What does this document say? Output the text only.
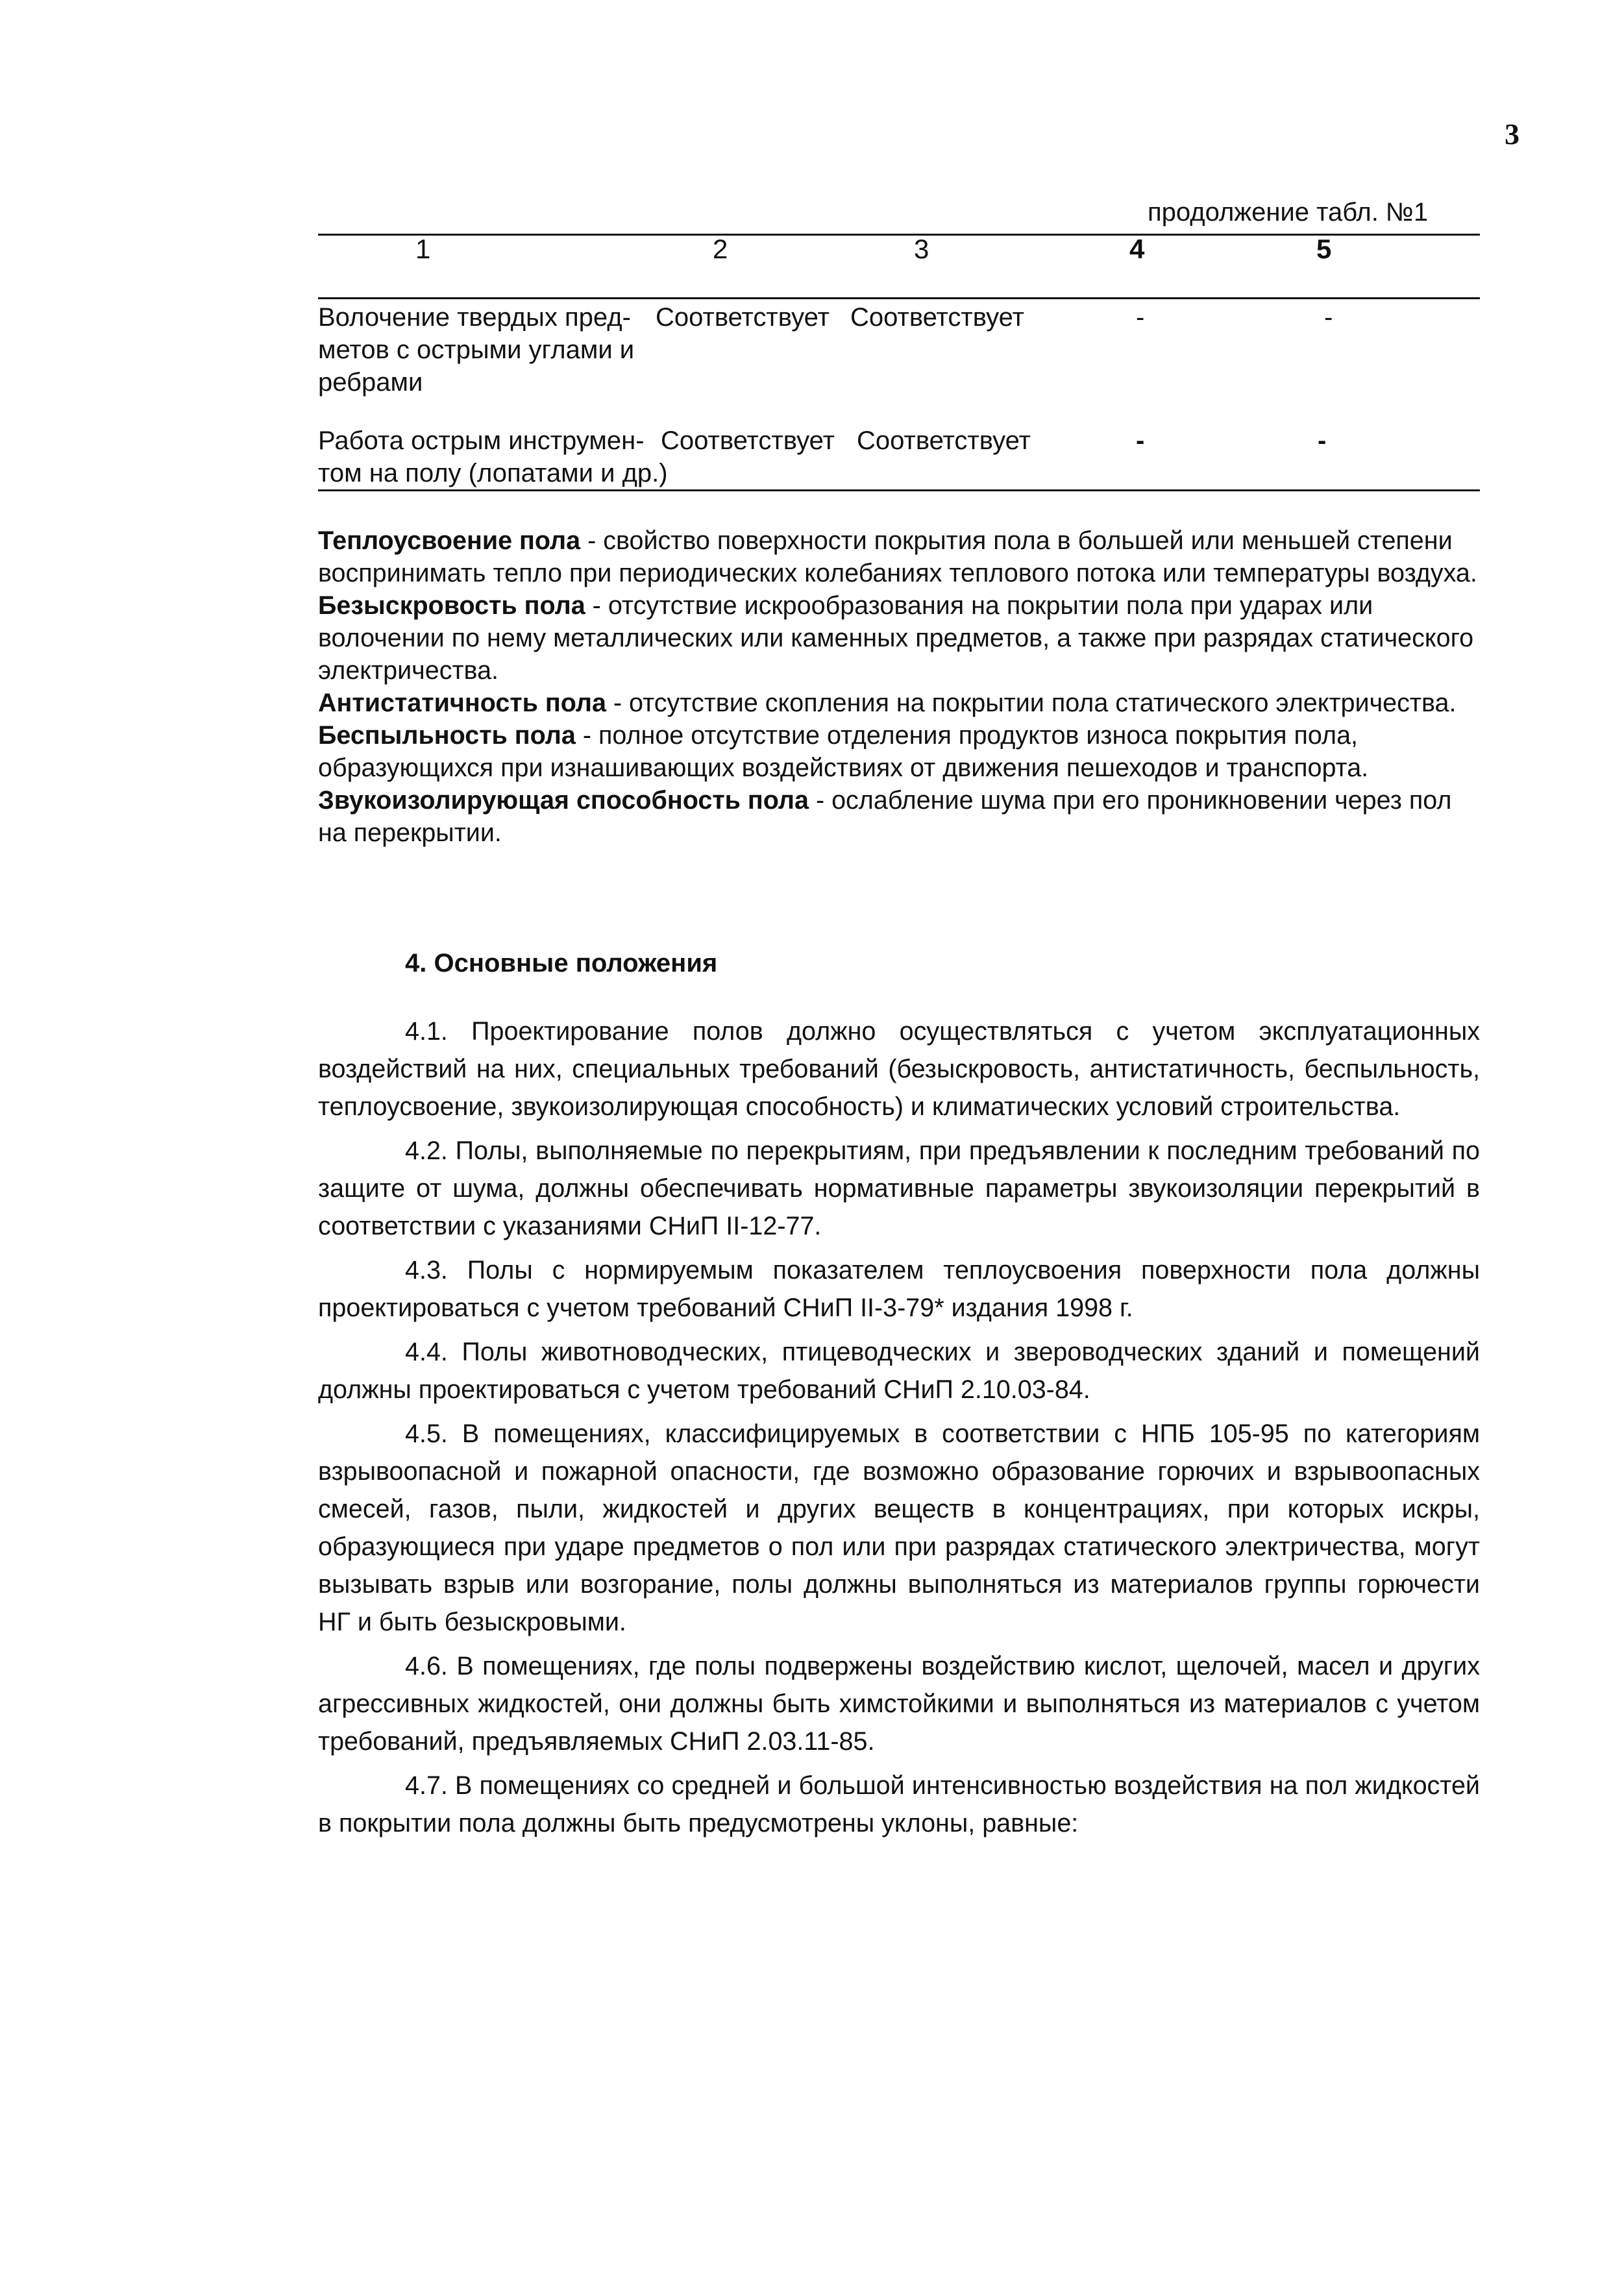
3
продолжение табл. №1
1	2	3	4	5
Волочение твердых пред-
метов с острыми углами и
ребрами
Соответствует Соответствует	-	-
Работа острым инструмен-
том на полу (лопатами и др.)
Соответствует Соответствует	-	-

Теплоусвоение пола - свойство поверхности покрытия пола в большей или меньшей степени воспринимать тепло при периодических колебаниях теплового потока или температуры воздуха.

Безыскровость пола - отсутствие искрообразования на покрытии пола при ударах или волочении по нему металлических или каменных предметов, а также при разрядах статического электричества.

Антистатичность пола - отсутствие скопления на покрытии пола статического электричества.

Беспыльность пола - полное отсутствие отделения продуктов износа покрытия пола, образующихся при изнашивающих воздействиях от движения пешеходов и транспорта.

Звукоизолирующая способность пола - ослабление шума при его проникновении через пол на перекрытии.

4. Основные положения

4.1. Проектирование полов должно осуществляться с учетом эксплуатационных воздействий на них, специальных требований (безыскровость, антистатичность, беспыльность, теплоусвоение, звукоизолирующая способность) и климатических условий строительства.

4.2. Полы, выполняемые по перекрытиям, при предъявлении к последним требований по защите от шума, должны обеспечивать нормативные параметры звукоизоляции перекрытий в соответствии с указаниями СНиП II-12-77.

4.3. Полы с нормируемым показателем теплоусвоения поверхности пола должны проектироваться с учетом требований СНиП II-3-79* издания 1998 г.

4.4. Полы животноводческих, птицеводческих и звероводческих зданий и помещений должны проектироваться с учетом требований СНиП 2.10.03-84.

4.5. В помещениях, классифицируемых в соответствии с НПБ 105-95 по категориям взрывоопасной и пожарной опасности, где возможно образование горючих и взрывоопасных смесей, газов, пыли, жидкостей и других веществ в концентрациях, при которых искры, образующиеся при ударе предметов о пол или при разрядах статического электричества, могут вызывать взрыв или возгорание, полы должны выполняться из материалов группы горючести НГ и быть безыскровыми.

4.6. В помещениях, где полы подвержены воздействию кислот, щелочей, масел и других агрессивных жидкостей, они должны быть химстойкими и выполняться из материалов с учетом требований, предъявляемых СНиП 2.03.11-85.

4.7. В помещениях со средней и большой интенсивностью воздействия на пол жидкостей в покрытии пола должны быть предусмотрены уклоны, равные:
